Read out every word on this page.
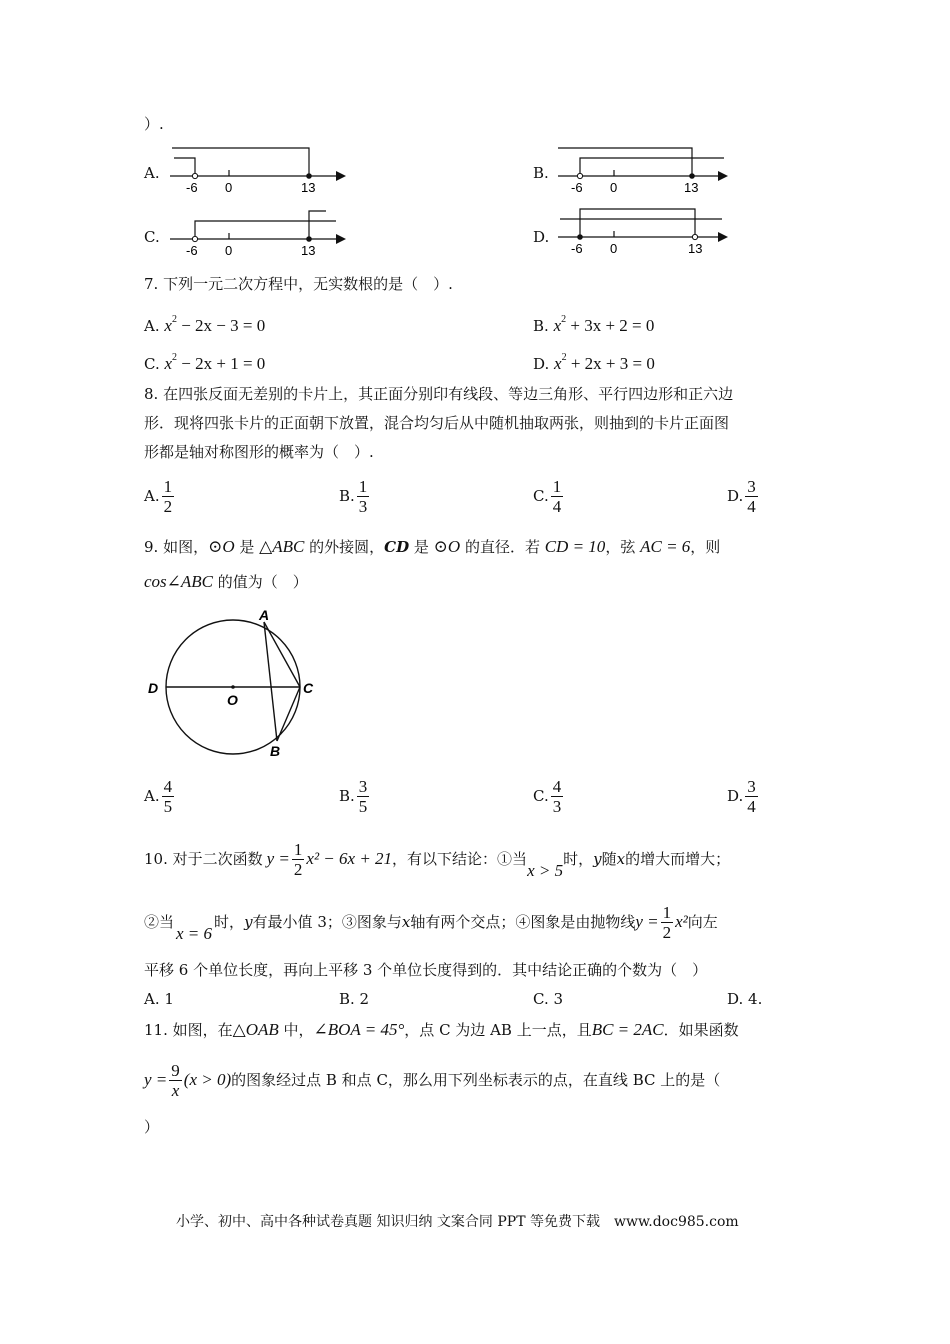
）.
A.
-6 0	13
B.
-6 0	13
C.
-6 0	13
D.
-6 0	13
7. 下列一元二次方程中，无实数根的是（　）.
A. $x^2 - 2x - 3 = 0$	B. $x^2 + 3x + 2 = 0$
C. $x^2 - 2x + 1 = 0$	D. $x^2 + 2x + 3 = 0$
8. 在四张反面无差别的卡片上，其正面分别印有线段、等边三角形、平行四边形和正六边
形．现将四张卡片的正面朝下放置，混合均匀后从中随机抽取两张，则抽到的卡片正面图
形都是轴对称图形的概率为（　）.
A. $\frac{1}{2}$	B. $\frac{1}{3}$	C. $\frac{1}{4}$	D. $\frac{3}{4}$
9. 如图，⊙O 是 △ABC 的外接圆，CD 是 ⊙O 的直径．若 CD = 10，弦 AC = 6，则
cos∠ABC 的值为（　）
A
B
C
D
O
A. $\frac{4}{5}$	B. $\frac{3}{5}$	C. $\frac{4}{3}$	D. $\frac{3}{4}$
10. 对于二次函数 $y = \frac{1}{2} x^2 - 6x + 21$ ，有以下结论：①当
x > 5
时， y 随 x 的增大而增大；
②当
x = 6
时， y 有最小值 3；③图象与 x 轴有两个交点；④图象是由抛物线 $y = \frac{1}{2} x^2$ 向左
平移 6 个单位长度，再向上平移 3 个单位长度得到的．其中结论正确的个数为（　）
A. 1	B. 2	C. 3	D. 4.
11. 如图，在△OAB 中，∠BOA = 45°，点 C 为边 AB 上一点，且BC = 2AC．如果函数
$y = \frac{9}{x} (x > 0)$ 的图象经过点 B 和点 C，那么用下列坐标表示的点，在直线 BC 上的是（
）
小学、初中、高中各种试卷真题 知识归纳 文案合同 PPT 等免费下载　www.doc985.com
